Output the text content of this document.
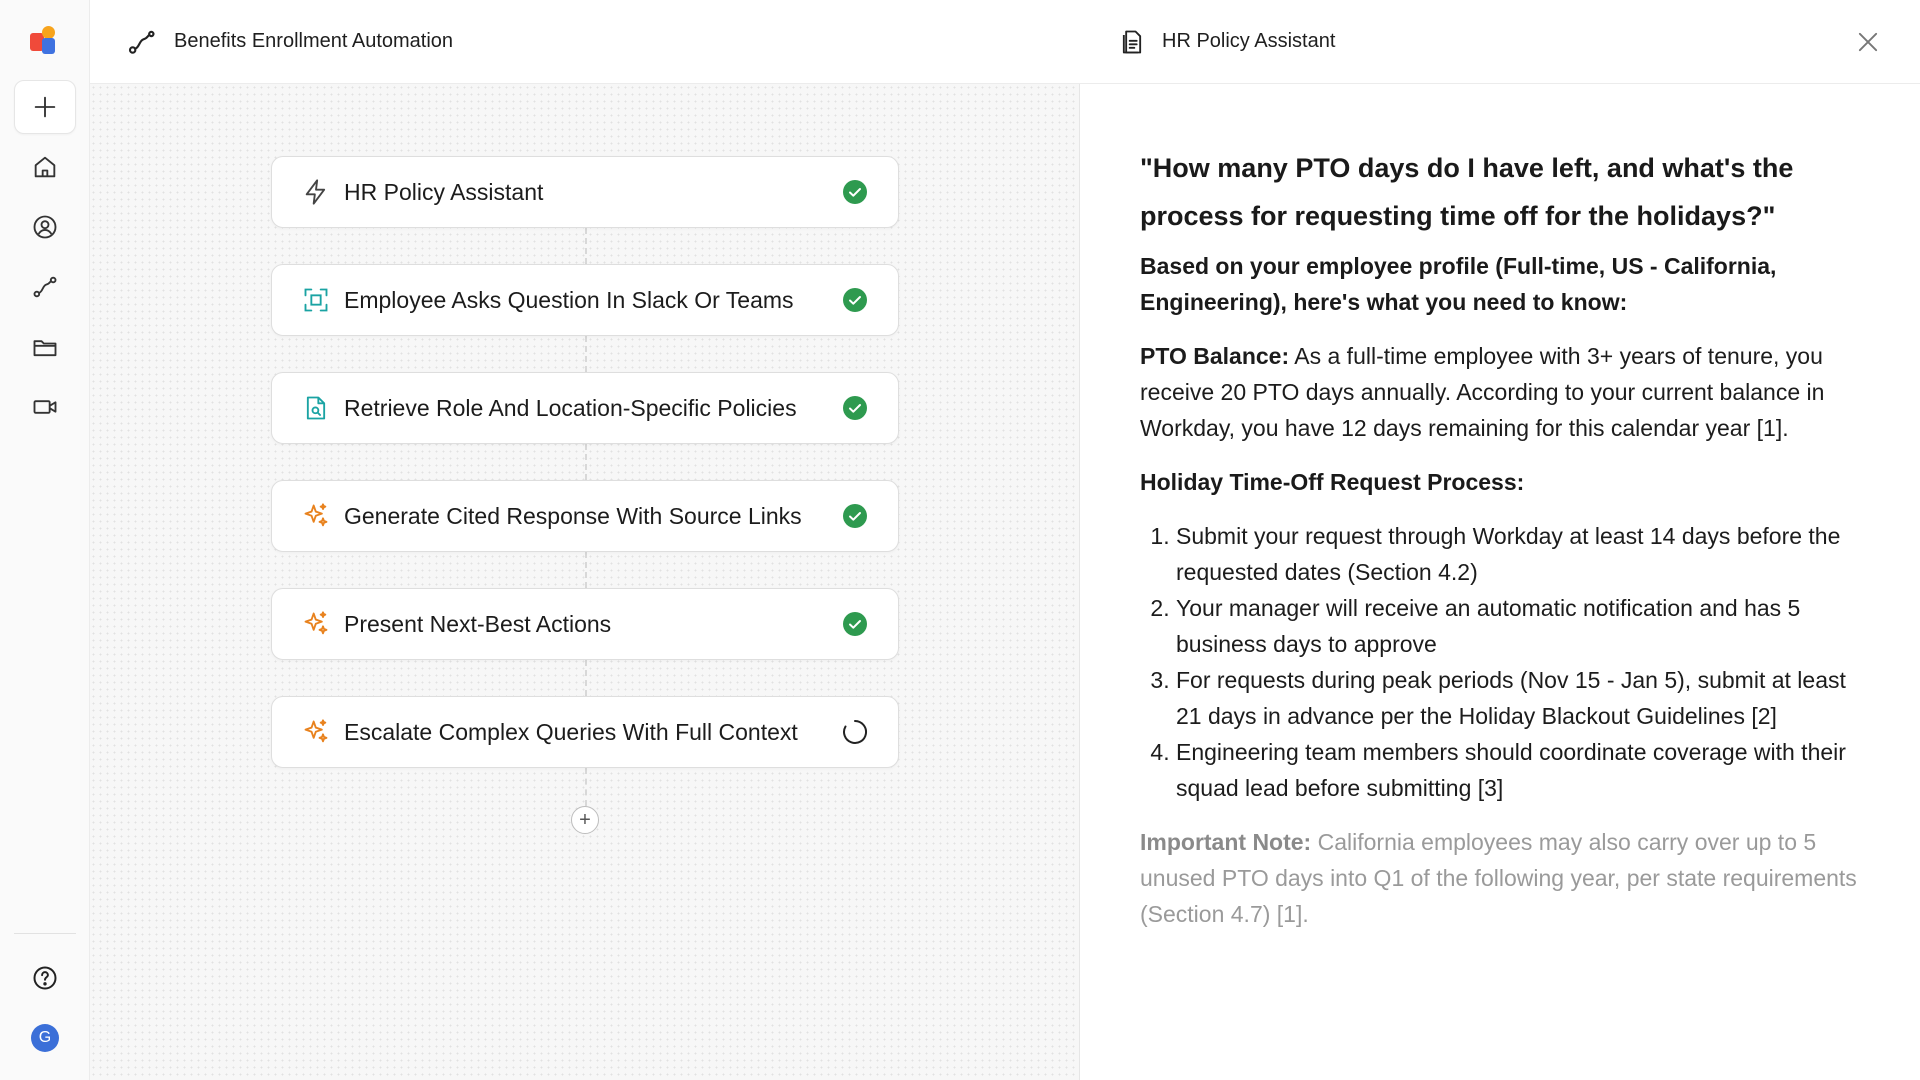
G
Benefits Enrollment Automation
HR Policy Assistant
Employee Asks Question In Slack Or Teams
Retrieve Role And Location-Specific Policies
Generate Cited Response With Source Links
Present Next-Best Actions
Escalate Complex Queries With Full Context
+
HR Policy Assistant

"How many PTO days do I have left, and what's the process for requesting time off for the holidays?"

Based on your employee profile (Full-time, US - California, Engineering), here's what you need to know:

PTO Balance: As a full-time employee with 3+ years of tenure, you receive 20 PTO days annually. According to your current balance in Workday, you have 12 days remaining for this calendar year [1].

Holiday Time-Off Request Process:

1. Submit your request through Workday at least 14 days before the requested dates (Section 4.2)
2. Your manager will receive an automatic notification and has 5 business days to approve
3. For requests during peak periods (Nov 15 - Jan 5), submit at least 21 days in advance per the Holiday Blackout Guidelines [2]
4. Engineering team members should coordinate coverage with their squad lead before submitting [3]

Important Note: California employees may also carry over up to 5 unused PTO days into Q1 of the following year, per state requirements (Section 4.7) [1].
